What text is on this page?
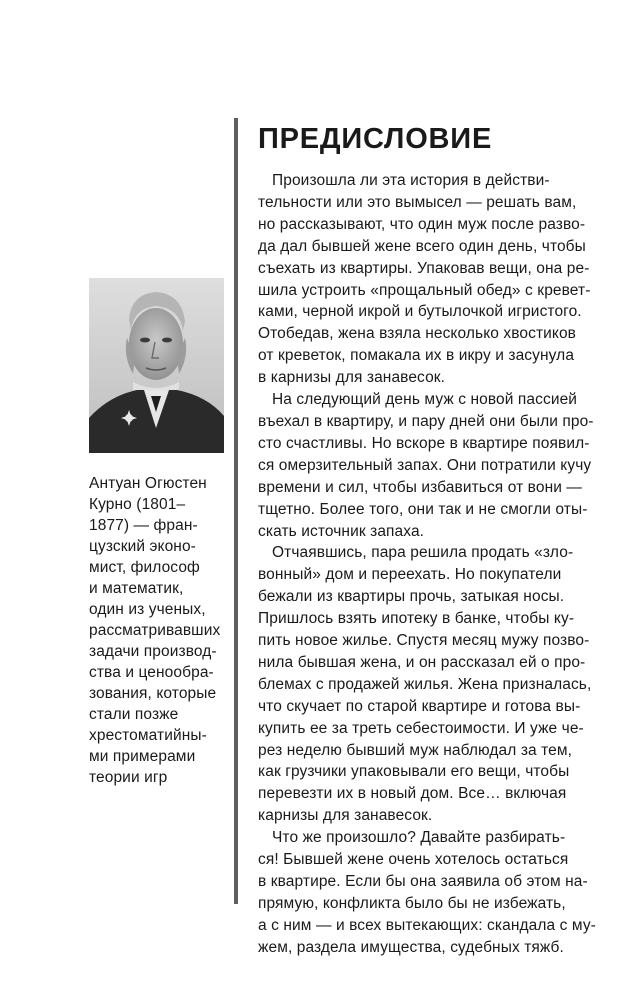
Антуан Огюстен
Курно (1801–
1877) — фран-
цузский эконо-
мист, философ
и математик,
один из ученых,
рассматривавших
задачи производ-
ства и ценообра-
зования, которые
стали позже
хрестоматийны-
ми примерами
теории игр
ПРЕДИСЛОВИЕ
Произошла ли эта история в действи-
тельности или это вымысел — решать вам,
но рассказывают, что один муж после разво-
да дал бывшей жене всего один день, чтобы
съехать из квартиры. Упаковав вещи, она ре-
шила устроить «прощальный обед» с кревет-
ками, черной икрой и бутылочкой игристого.
Отобедав, жена взяла несколько хвостиков
от креветок, помакала их в икру и засунула
в карнизы для занавесок.
На следующий день муж с новой пассией
въехал в квартиру, и пару дней они были про-
сто счастливы. Но вскоре в квартире появил-
ся омерзительный запах. Они потратили кучу
времени и сил, чтобы избавиться от вони —
тщетно. Более того, они так и не смогли оты-
скать источник запаха.
Отчаявшись, пара решила продать «зло-
вонный» дом и переехать. Но покупатели
бежали из квартиры прочь, затыкая носы.
Пришлось взять ипотеку в банке, чтобы ку-
пить новое жилье. Спустя месяц мужу позво-
нила бывшая жена, и он рассказал ей о про-
блемах с продажей жилья. Жена призналась,
что скучает по старой квартире и готова вы-
купить ее за треть себестоимости. И уже че-
рез неделю бывший муж наблюдал за тем,
как грузчики упаковывали его вещи, чтобы
перевезти их в новый дом. Все… включая
карнизы для занавесок.
Что же произошло? Давайте разбирать-
ся! Бывшей жене очень хотелось остаться
в квартире. Если бы она заявила об этом на-
прямую, конфликта было бы не избежать,
а с ним — и всех вытекающих: скандала с му-
жем, раздела имущества, судебных тяжб.
